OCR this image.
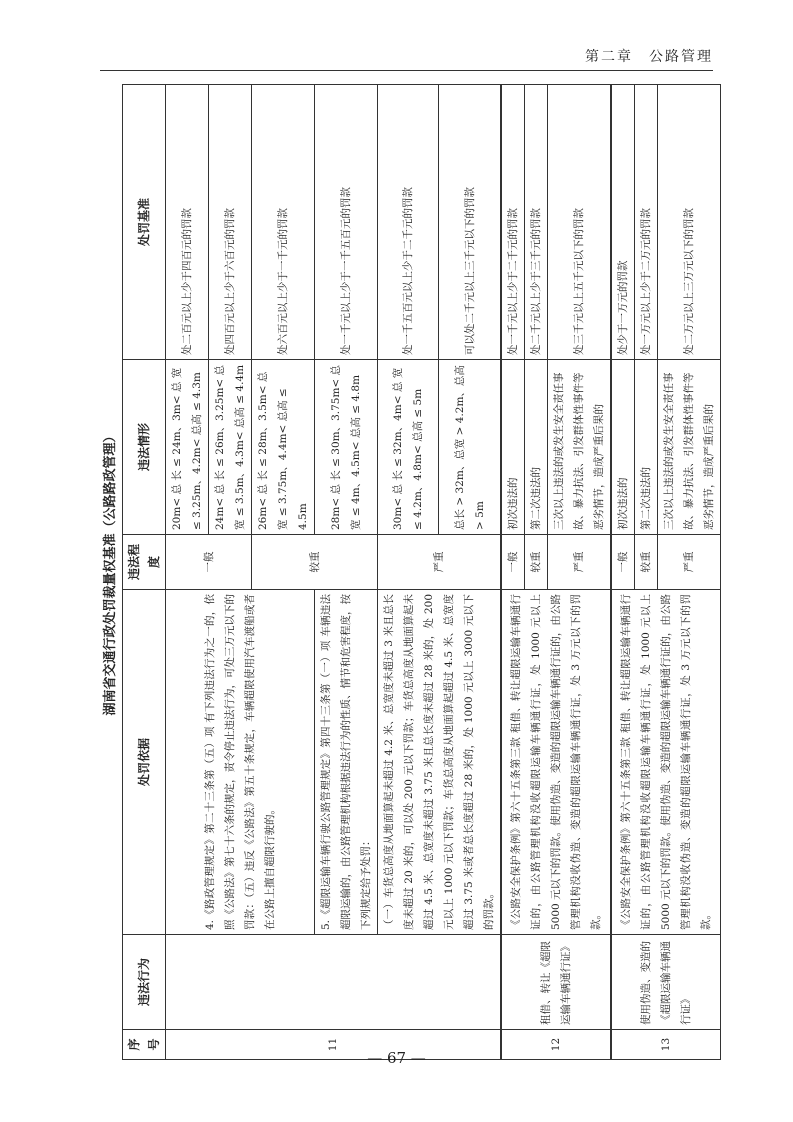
第二章　公路管理
湖南省交通行政处罚裁量权基准（公路路政管理）
序号	违法行为	处罚依据	违法程度	违法情形	处罚基准
11		4.《路政管理规定》第二十三条第（五）项 有下列违法行为之一的，依照《公路法》第七十六条的规定，责令停止违法行为，可处三万元以下的罚款：（五）违反《公路法》第五十条规定，车辆超限使用汽车渡船或者在公路上擅自超限行驶的。	一般	20m< 总 长 ≤ 24m、3m< 总 宽 ≤ 3.25m、4.2m< 总高 ≤ 4.3m	处二百元以上少于四百元的罚款
				24m< 总 长 ≤ 26m、3.25m< 总 宽 ≤ 3.5m、4.3m< 总高 ≤ 4.4m	处四百元以上少于六百元的罚款
			较重	26m< 总 长 ≤ 28m、3.5m< 总 宽 ≤ 3.75m、4.4m< 总高 ≤ 4.5m	处六百元以上少于一千元的罚款
		5.《超限运输车辆行驶公路管理规定》第四十三条第（一）项 车辆违法超限运输的，由公路管理机构根据违法行为的性质、情节和危害程度，按下列规定给予处罚：		28m< 总 长 ≤ 30m、3.75m< 总 宽 ≤ 4m、4.5m< 总高 ≤ 4.8m	处一千元以上少于一千五百元的罚款
		（一）车货总高度从地面算起未超过 4.2 米、总宽度未超过 3 米且总长度未超过 20 米的，可以处 200 元以下罚款；车货总高度从地面算起未超过 4.5 米、总宽度未超过 3.75 米且总长度未超过 28 米的，处 200 元以上 1000 元以下罚款；车货总高度从地面算起超过 4.5 米、总宽度超过 3.75 米或者总长度超过 28 米的，处 1000 元以上 3000 元以下的罚款。	严重	30m< 总 长 ≤ 32m、4m< 总 宽 ≤ 4.2m、4.8m< 总高 ≤ 5m	处一千五百元以上少于二千元的罚款
				总长 > 32m、总宽 > 4.2m、总高 > 5m	可以处二千元以上三千元以下的罚款
12	租借、转让《超限运输车辆通行证》	《公路安全保护条例》第六十五条第三款 租借、转让超限运输车辆通行证的，由公路管理机构没收超限运输车辆通行证，处 1000 元以上 5000 元以下的罚款。使用伪造、变造的超限运输车辆通行证的，由公路管理机构没收伪造、变造的超限运输车辆通行证，处 3 万元以下的罚款。	一般	初次违法的	处一千元以上少于二千元的罚款
			较重	第二次违法的	处二千元以上少于三千元的罚款
			严重	三次以上违法的或发生安全责任事故、暴力抗法、引发群体性事件等恶劣情节，造成严重后果的	处三千元以上五千元以下的罚款
13	使用伪造、变造的《超限运输车辆通行证》	《公路安全保护条例》第六十五条第三款 租借、转让超限运输车辆通行证的，由公路管理机构没收超限运输车辆通行证，处 1000 元以上 5000 元以下的罚款。使用伪造、变造的超限运输车辆通行证的，由公路管理机构没收伪造、变造的超限运输车辆通行证，处 3 万元以下的罚款。	一般	初次违法的	处少于一万元的罚款
			较重	第二次违法的	处一万元以上少于二万元的罚款
			严重	三次以上违法的或发生安全责任事故、暴力抗法、引发群体性事件等恶劣情节，造成严重后果的	处二万元以上三万元以下的罚款
— 67 —
